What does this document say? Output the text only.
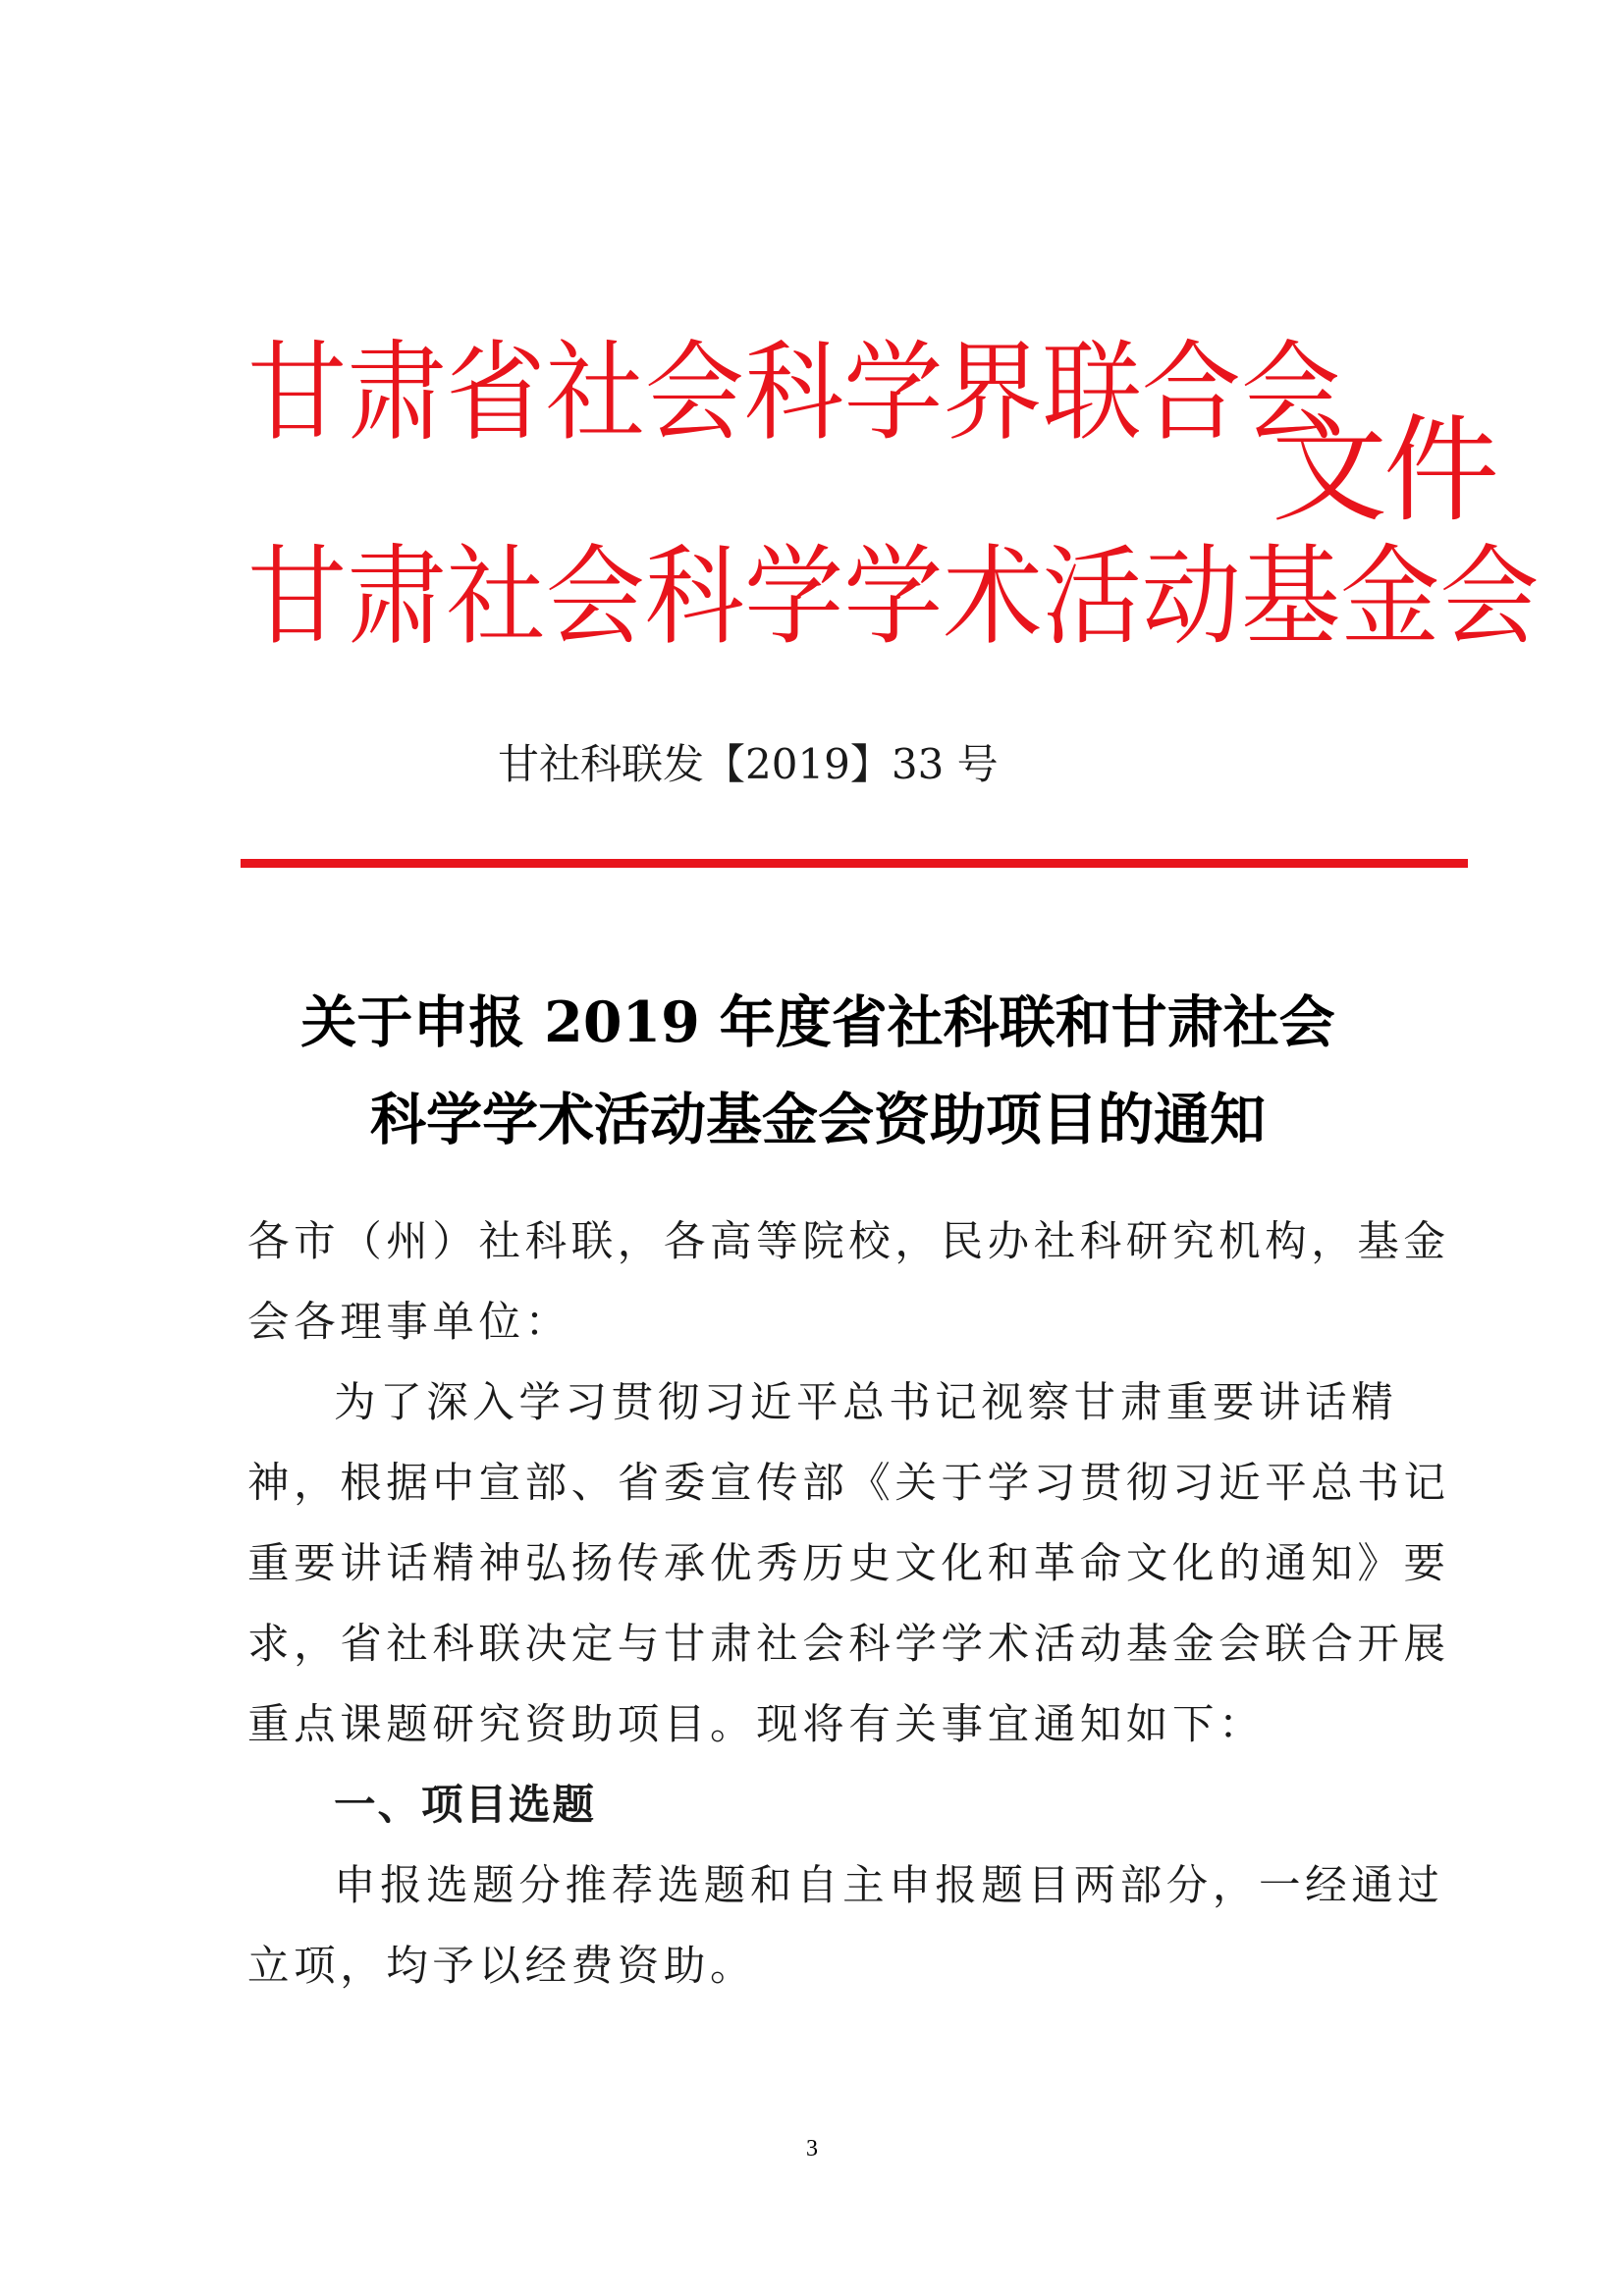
甘肃省社会科学界联合会
甘肃社会科学学术活动基金会
文件
甘社科联发【2019】33 号
关于申报 2019 年度省社科联和甘肃社会
科学学术活动基金会资助项目的通知
各市（州）社科联，各高等院校，民办社科研究机构，基金
会各理事单位：
为了深入学习贯彻习近平总书记视察甘肃重要讲话精
神，根据中宣部、省委宣传部《关于学习贯彻习近平总书记
重要讲话精神弘扬传承优秀历史文化和革命文化的通知》要
求，省社科联决定与甘肃社会科学学术活动基金会联合开展
重点课题研究资助项目。现将有关事宜通知如下：
一、项目选题
申报选题分推荐选题和自主申报题目两部分，一经通过
立项，均予以经费资助。
3
